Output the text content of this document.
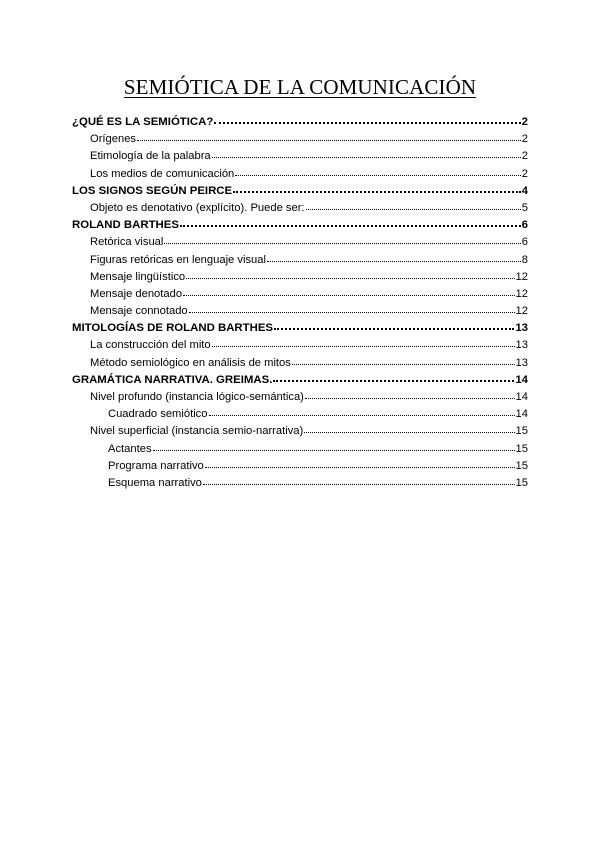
SEMIÓTICA DE LA COMUNICACIÓN
¿QUÉ ES LA SEMIÓTICA?	2
Orígenes	2
Etimología de la palabra	2
Los medios de comunicación	2
LOS SIGNOS SEGÚN PEIRCE	4
Objeto es denotativo (explícito). Puede ser:	5
ROLAND BARTHES	6
Retórica visual	6
Figuras retóricas en lenguaje visual	8
Mensaje lingüístico	12
Mensaje denotado	12
Mensaje connotado	12
MITOLOGÍAS DE ROLAND BARTHES	13
La construcción del mito	13
Método semiológico en análisis de mitos	13
GRAMÁTICA NARRATIVA. GREIMAS.	14
Nivel profundo (instancia lógico-semántica)	14
Cuadrado semiótico	14
Nivel superficial (instancia semio-narrativa)	15
Actantes	15
Programa narrativo	15
Esquema narrativo	15
